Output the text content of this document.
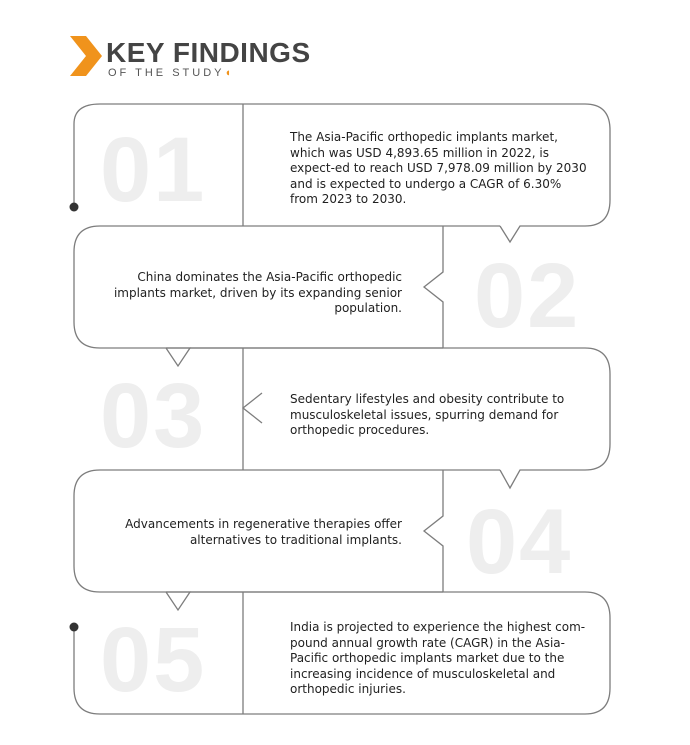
KEY FINDINGS
OF THE STUDY◖
01
02
03
04
05
The Asia-Pacific orthopedic implants market, which was USD 4,893.65 million in 2022, is expect-ed to reach USD 7,978.09 million by 2030 and is expected to undergo a CAGR of 6.30% from 2023 to 2030.
China dominates the Asia-Pacific orthopedic implants market, driven by its expanding senior population.
Sedentary lifestyles and obesity contribute to musculoskeletal issues, spurring demand for orthopedic procedures.
Advancements in regenerative therapies offer alternatives to traditional implants.
India is projected to experience the highest com-pound annual growth rate (CAGR) in the Asia-Pacific orthopedic implants market due to the increasing incidence of musculoskeletal and orthopedic injuries.
